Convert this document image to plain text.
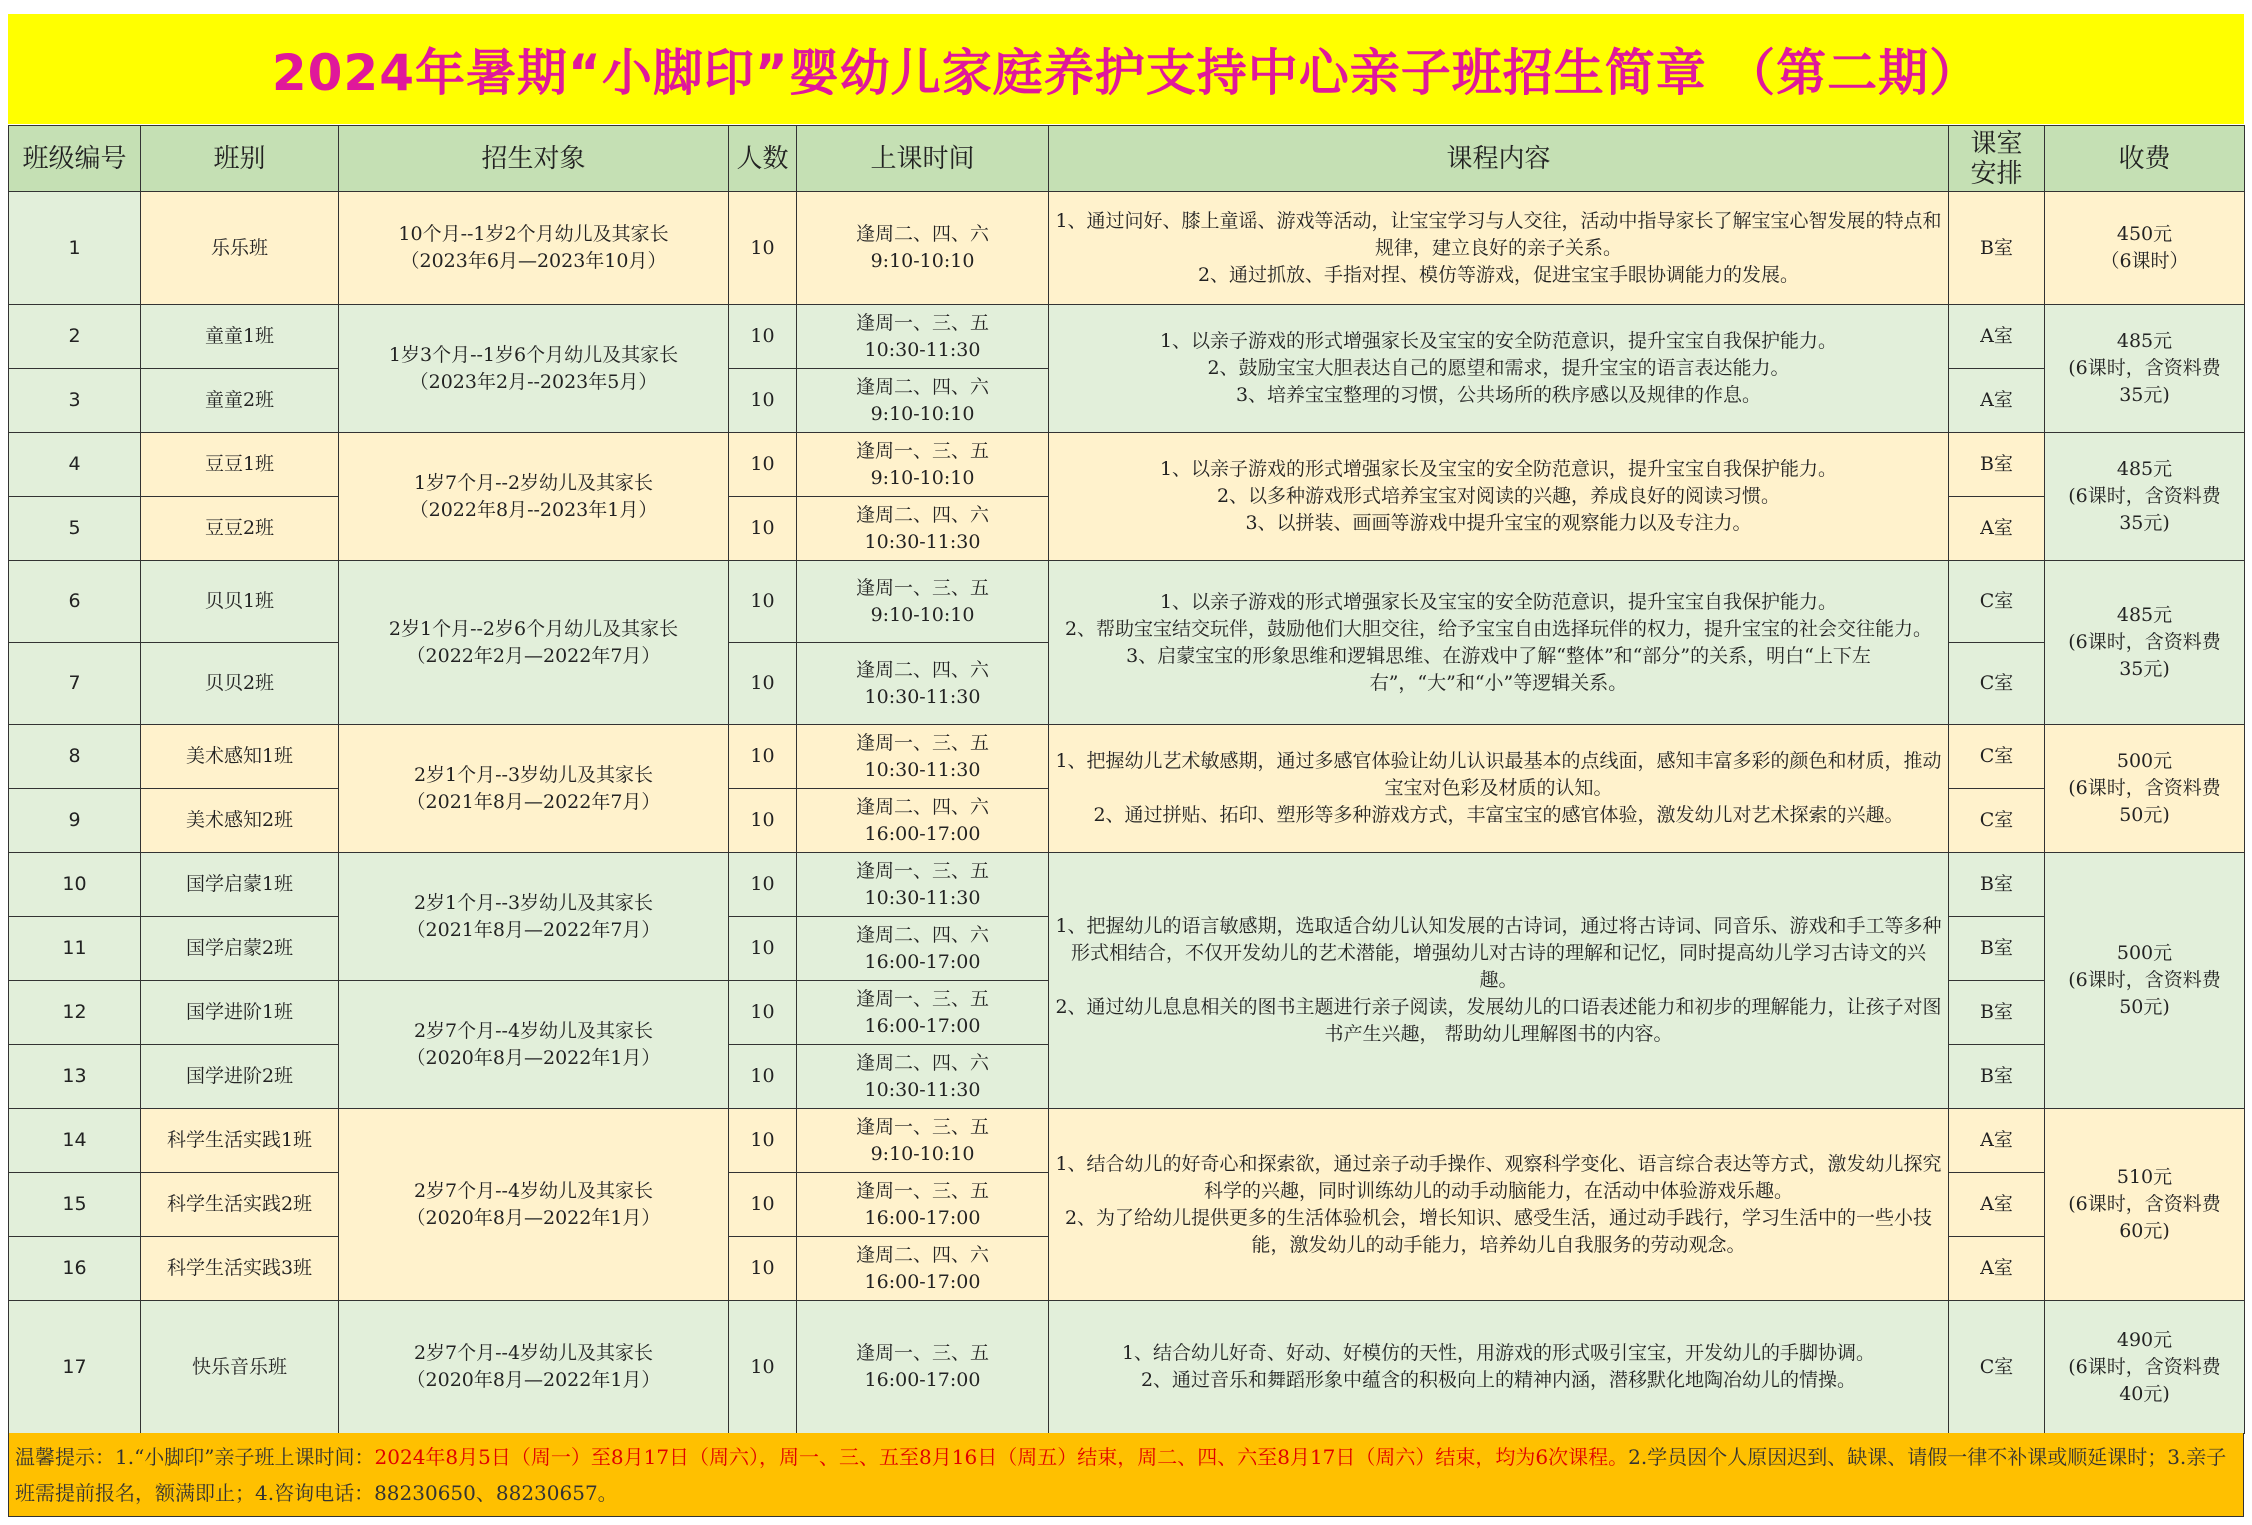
2024年暑期“小脚印”婴幼儿家庭养护支持中心亲子班招生简章 （第二期）
班级编号	班别	招生对象	人数	上课时间	课程内容	课室安排	收费
1	乐乐班	10个月--1岁2个月幼儿及其家长
（2023年6月—2023年10月）	10	逢周二、四、六
9:10-10:10	1、通过问好、膝上童谣、游戏等活动，让宝宝学习与人交往，活动中指导家长了解宝宝心智发展的特点和规律，建立良好的亲子关系。
2、通过抓放、手指对捏、模仿等游戏，促进宝宝手眼协调能力的发展。	B室	450元
（6课时）
2	童童1班	1岁3个月--1岁6个月幼儿及其家长
（2023年2月--2023年5月）	10	逢周一、三、五
10:30-11:30	1、以亲子游戏的形式增强家长及宝宝的安全防范意识，提升宝宝自我保护能力。
2、鼓励宝宝大胆表达自己的愿望和需求，提升宝宝的语言表达能力。
3、培养宝宝整理的习惯，公共场所的秩序感以及规律的作息。	A室	485元
(6课时，含资料费
35元)
3	童童2班		10	逢周二、四、六
9:10-10:10		A室	
4	豆豆1班	1岁7个月--2岁幼儿及其家长
（2022年8月--2023年1月）	10	逢周一、三、五
9:10-10:10	1、以亲子游戏的形式增强家长及宝宝的安全防范意识，提升宝宝自我保护能力。
2、以多种游戏形式培养宝宝对阅读的兴趣，养成良好的阅读习惯。
3、以拼装、画画等游戏中提升宝宝的观察能力以及专注力。	B室	485元
(6课时，含资料费
35元)
5	豆豆2班		10	逢周二、四、六
10:30-11:30		A室	
6	贝贝1班	2岁1个月--2岁6个月幼儿及其家长
（2022年2月—2022年7月）	10	逢周一、三、五
9:10-10:10	1、以亲子游戏的形式增强家长及宝宝的安全防范意识，提升宝宝自我保护能力。
2、帮助宝宝结交玩伴，鼓励他们大胆交往，给予宝宝自由选择玩伴的权力，提升宝宝的社会交往能力。
3、启蒙宝宝的形象思维和逻辑思维、在游戏中了解“整体”和“部分”的关系，明白“上下左右”，“大”和“小”等逻辑关系。	C室	485元
(6课时，含资料费
35元)
7	贝贝2班		10	逢周二、四、六
10:30-11:30		C室	
8	美术感知1班	2岁1个月--3岁幼儿及其家长
（2021年8月—2022年7月）	10	逢周一、三、五
10:30-11:30	1、把握幼儿艺术敏感期，通过多感官体验让幼儿认识最基本的点线面，感知丰富多彩的颜色和材质，推动宝宝对色彩及材质的认知。
2、通过拼贴、拓印、塑形等多种游戏方式，丰富宝宝的感官体验，激发幼儿对艺术探索的兴趣。	C室	500元
(6课时，含资料费
50元)
9	美术感知2班		10	逢周二、四、六
16:00-17:00		C室	
10	国学启蒙1班	2岁1个月--3岁幼儿及其家长
（2021年8月—2022年7月）	10	逢周一、三、五
10:30-11:30	1、把握幼儿的语言敏感期，选取适合幼儿认知发展的古诗词，通过将古诗词、同音乐、游戏和手工等多种形式相结合，不仅开发幼儿的艺术潜能，增强幼儿对古诗的理解和记忆，同时提高幼儿学习古诗文的兴趣。
2、通过幼儿息息相关的图书主题进行亲子阅读，发展幼儿的口语表述能力和初步的理解能力，让孩子对图书产生兴趣， 帮助幼儿理解图书的内容。	B室	500元
(6课时，含资料费
50元)
11	国学启蒙2班		10	逢周二、四、六
16:00-17:00		B室	
12	国学进阶1班	2岁7个月--4岁幼儿及其家长
（2020年8月—2022年1月）	10	逢周一、三、五
16:00-17:00		B室	
13	国学进阶2班		10	逢周二、四、六
10:30-11:30		B室	
14	科学生活实践1班	2岁7个月--4岁幼儿及其家长
（2020年8月—2022年1月）	10	逢周一、三、五
9:10-10:10	1、结合幼儿的好奇心和探索欲，通过亲子动手操作、观察科学变化、语言综合表达等方式，激发幼儿探究科学的兴趣，同时训练幼儿的动手动脑能力，在活动中体验游戏乐趣。
2、为了给幼儿提供更多的生活体验机会，增长知识、感受生活，通过动手践行，学习生活中的一些小技能，激发幼儿的动手能力，培养幼儿自我服务的劳动观念。	A室	510元
(6课时，含资料费
60元)
15	科学生活实践2班		10	逢周一、三、五
16:00-17:00		A室	
16	科学生活实践3班		10	逢周二、四、六
16:00-17:00		A室	
17	快乐音乐班	2岁7个月--4岁幼儿及其家长
（2020年8月—2022年1月）	10	逢周一、三、五
16:00-17:00	1、结合幼儿好奇、好动、好模仿的天性，用游戏的形式吸引宝宝，开发幼儿的手脚协调。
2、通过音乐和舞蹈形象中蕴含的积极向上的精神内涵，潜移默化地陶冶幼儿的情操。	C室	490元
(6课时，含资料费
40元)
温馨提示：1.“小脚印”亲子班上课时间：2024年8月5日（周一）至8月17日（周六），周一、三、五至8月16日（周五）结束，周二、四、六至8月17日（周六）结束，均为6次课程。2.学员因个人原因迟到、缺课、请假一律不补课或顺延课时；3.亲子班需提前报名，额满即止；4.咨询电话：88230650、88230657。
